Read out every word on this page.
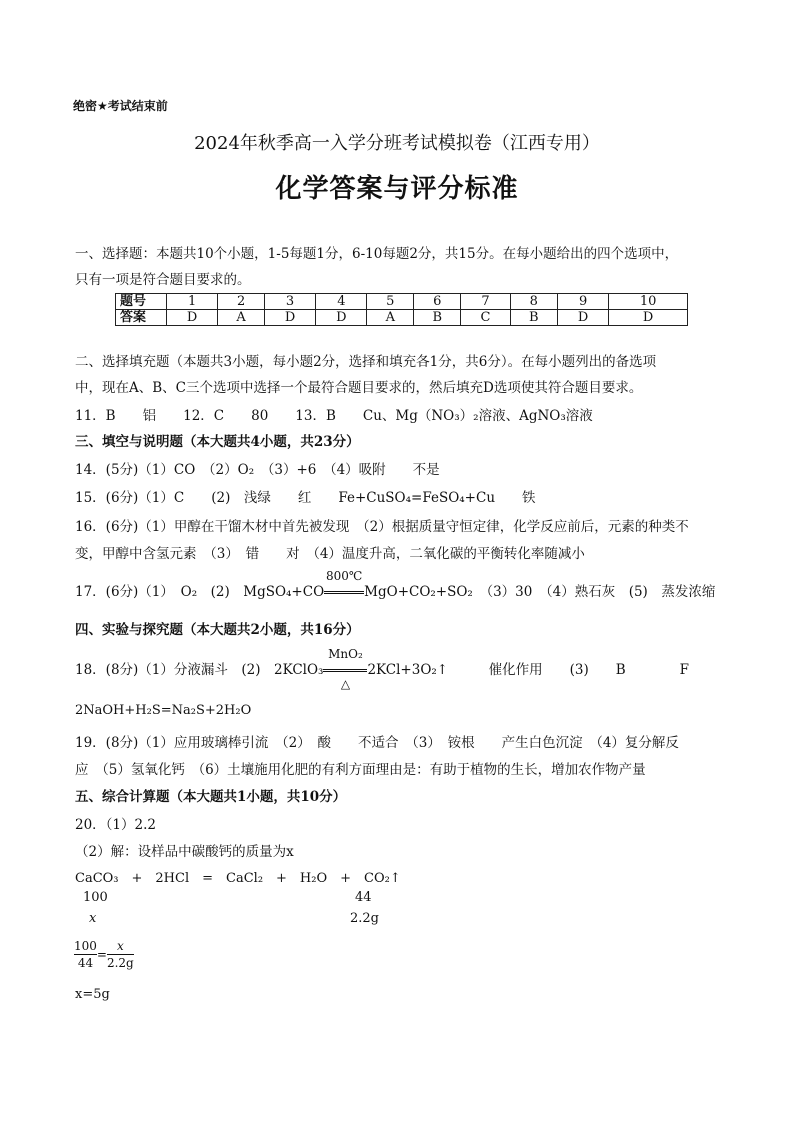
绝密★考试结束前
2024年秋季高一入学分班考试模拟卷（江西专用）
化学答案与评分标准
一、选择题：本题共10个小题，1-5每题1分，6-10每题2分，共15分。在每小题给出的四个选项中，
只有一项是符合题目要求的。
题号	1	2	3	4	5	6	7	8	9	10
答案	D	A	D	D	A	B	C	B	D	D
二、选择填充题（本题共3小题，每小题2分，选择和填充各1分，共6分）。在每小题列出的备选项
中，现在A、B、C三个选项中选择一个最符合题目要求的，然后填充D选项使其符合题目要求。
11．B　　铝　　12．C　　80　　13．B　　Cu、Mg（NO₃）₂溶液、AgNO₃溶液
三、填空与说明题（本大题共4小题，共23分）
14．(5分)（1）CO　（2）O₂　（3）+6　（4）吸附　　不是
15．(6分)（1）C　　(2)　浅绿　　红　　Fe+CuSO₄=FeSO₄+Cu　　铁
16．(6分)（1）甲醇在干馏木材中首先被发现　（2）根据质量守恒定律，化学反应前后，元素的种类不
变，甲醇中含氢元素　（3）　错　　对　（4）温度升高，二氧化碳的平衡转化率随减小
17．(6分)（1）　O₂　(2)　MgSO₄+CO
800℃
MgO+CO₂+SO₂　（3）30　（4）熟石灰　(5)　蒸发浓缩
四、实验与探究题（本大题共2小题，共16分）
18．(8分)（1）分液漏斗　(2)　2KClO₃
MnO₂
△
2KCl+3O₂↑　　　催化作用　　(3)　　B　　　　F
2NaOH+H₂S=Na₂S+2H₂O
19．(8分)（1）应用玻璃棒引流　（2）　酸　　不适合　（3）　铵根　　产生白色沉淀　（4）复分解反
应　（5）氢氧化钙　（6）土壤施用化肥的有利方面理由是：有助于植物的生长，增加农作物产量
五、综合计算题（本大题共1小题，共10分）
20．（1）2.2
（2）解：设样品中碳酸钙的质量为x
CaCO₃　+　2HCl　=　CaCl₂　+　H₂O　+　CO₂↑
100	44
x	2.2g
$\frac{100}{44} = \frac{x}{2.2g}$
x=5g
